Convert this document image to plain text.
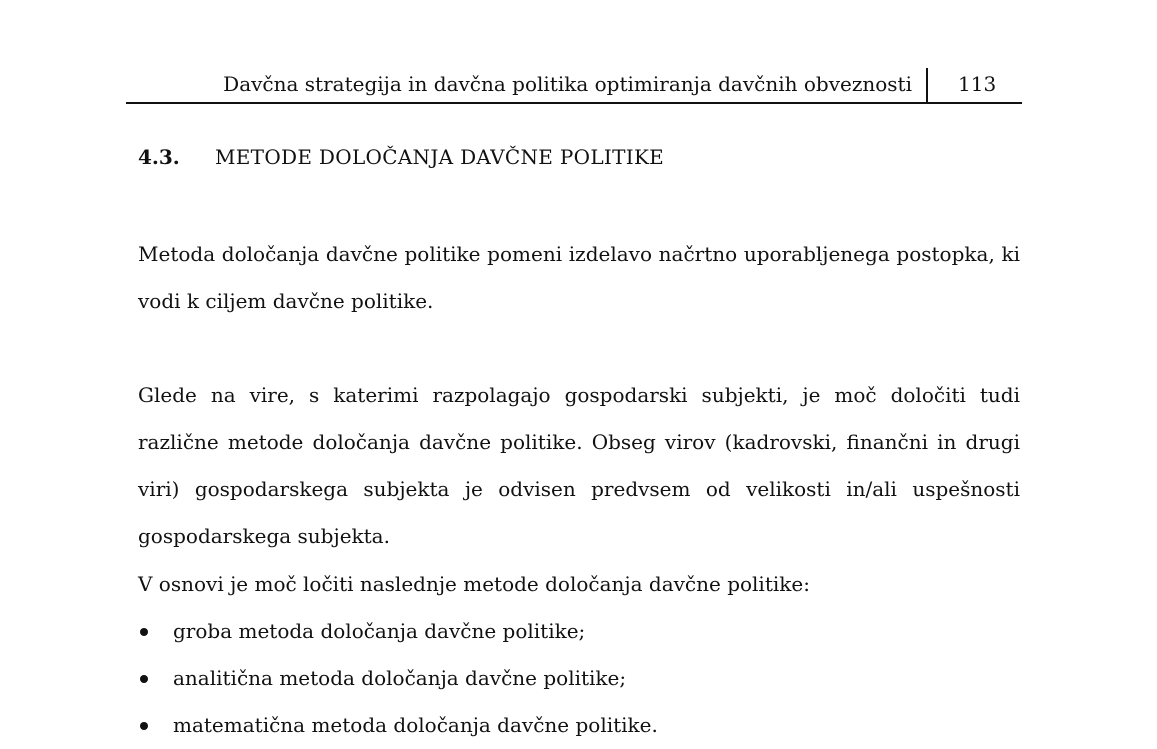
Davčna strategija in davčna politika optimiranja davčnih obveznosti 113
4.3. METODE DOLOČANJA DAVČNE POLITIKE

Metoda določanja davčne politike pomeni izdelavo načrtno uporabljenega postopka, ki vodi k ciljem davčne politike.

Glede na vire, s katerimi razpolagajo gospodarski subjekti, je moč določiti tudi različne metode določanja davčne politike. Obseg virov (kadrovski, finančni in drugi viri) gospodarskega subjekta je odvisen predvsem od velikosti in/ali uspešnosti gospodarskega subjekta.

V osnovi je moč ločiti naslednje metode določanja davčne politike:

groba metoda določanja davčne politike;
analitična metoda določanja davčne politike;
matematična metoda določanja davčne politike.
